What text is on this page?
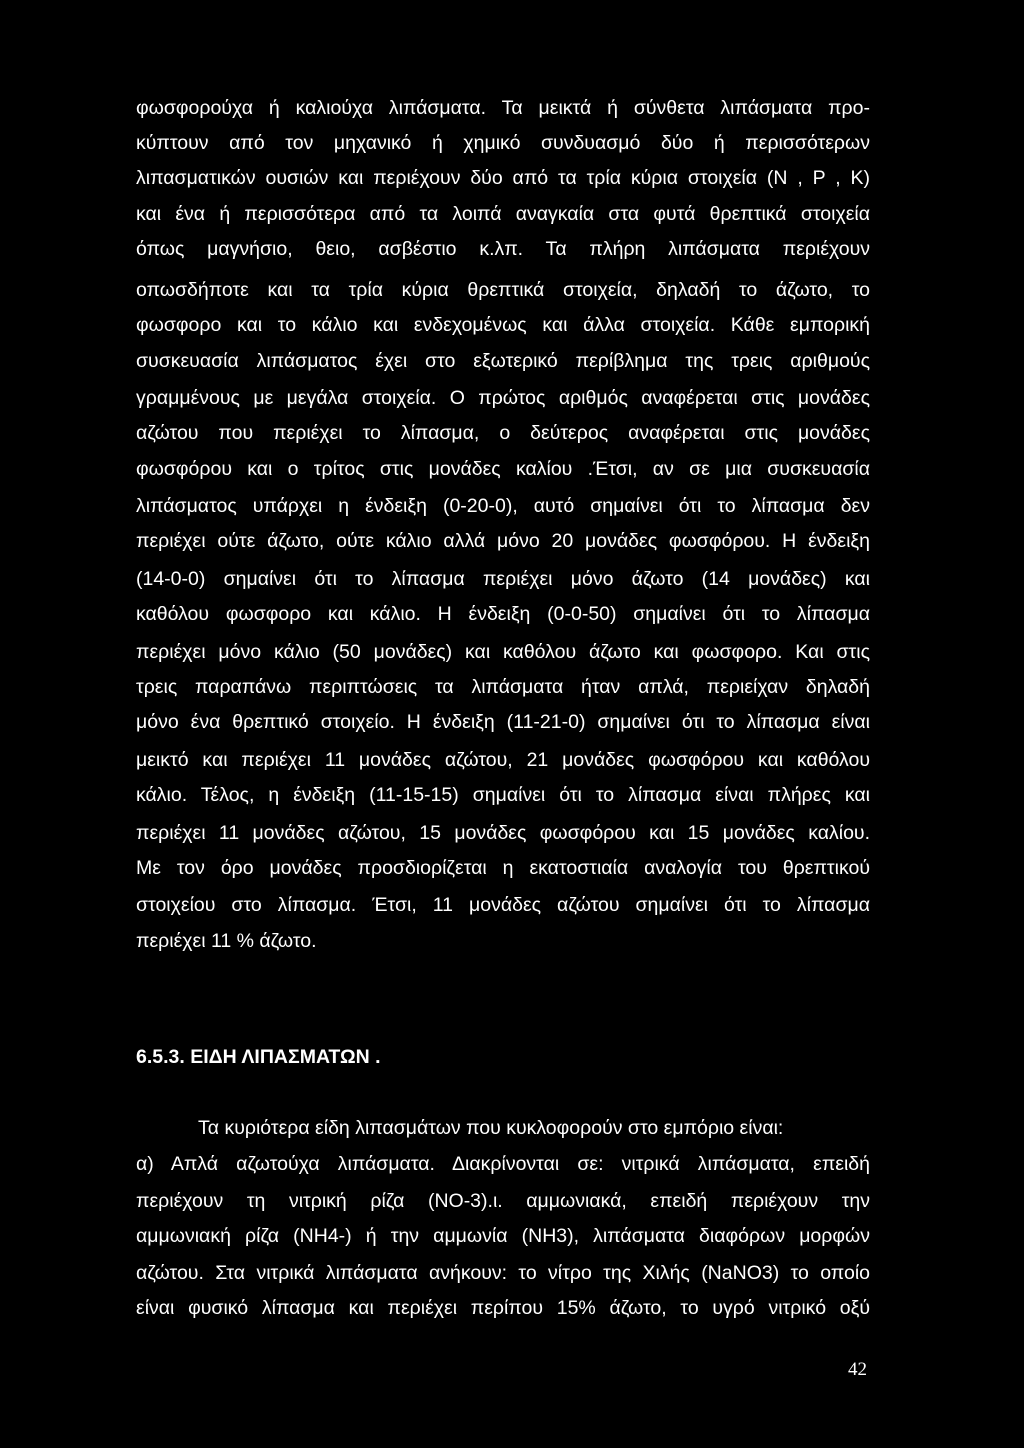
φωσφορούχα ή καλιούχα λιπάσματα. Τα μεικτά ή σύνθετα λιπάσματα προ-
κύπτουν από τον μηχανικό ή χημικό συνδυασμό δύο ή περισσότερων
λιπασματικών ουσιών και περιέχουν δύο από τα τρία κύρια στοιχεία (Ν , Ρ , Κ)
και ένα ή περισσότερα από τα λοιπά αναγκαία στα φυτά θρεπτικά στοιχεία
όπως μαγνήσιο, θειο, ασβέστιο κ.λπ. Τα πλήρη λιπάσματα περιέχουν
οπωσδήποτε και τα τρία κύρια θρεπτικά στοιχεία, δηλαδή το άζωτο, το
φωσφορο και το κάλιο και ενδεχομένως και άλλα στοιχεία. Κάθε εμπορική
συσκευασία λιπάσματος έχει στο εξωτερικό περίβλημα της τρεις αριθμούς
γραμμένους με μεγάλα στοιχεία. Ο πρώτος αριθμός αναφέρεται στις μονάδες
αζώτου που περιέχει το λίπασμα, ο δεύτερος αναφέρεται στις μονάδες
φωσφόρου και ο τρίτος στις μονάδες καλίου .Έτσι, αν σε μια συσκευασία
λιπάσματος υπάρχει η ένδειξη (0-20-0), αυτό σημαίνει ότι το λίπασμα δεν
περιέχει ούτε άζωτο, ούτε κάλιο αλλά μόνο 20 μονάδες φωσφόρου. Η ένδειξη
(14-0-0) σημαίνει ότι το λίπασμα περιέχει μόνο άζωτο (14 μονάδες) και
καθόλου φωσφορο και κάλιο. Η ένδειξη (0-0-50) σημαίνει ότι το λίπασμα
περιέχει μόνο κάλιο (50 μονάδες) και καθόλου άζωτο και φωσφορο. Και στις
τρεις παραπάνω περιπτώσεις τα λιπάσματα ήταν απλά, περιείχαν δηλαδή
μόνο ένα θρεπτικό στοιχείο. Η ένδειξη (11-21-0) σημαίνει ότι το λίπασμα είναι
μεικτό και περιέχει 11 μονάδες αζώτου, 21 μονάδες φωσφόρου και καθόλου
κάλιο. Τέλος, η ένδειξη (11-15-15) σημαίνει ότι το λίπασμα είναι πλήρες και
περιέχει 11 μονάδες αζώτου, 15 μονάδες φωσφόρου και 15 μονάδες καλίου.
Με τον όρο μονάδες προσδιορίζεται η εκατοστιαία αναλογία του θρεπτικού
στοιχείου στο λίπασμα. Έτσι, 11 μονάδες αζώτου σημαίνει ότι το λίπασμα
περιέχει 11 % άζωτο.
6.5.3. ΕΙΔΗ ΛΙΠΑΣΜΑΤΩΝ .
Τα κυριότερα είδη λιπασμάτων που κυκλοφορούν στο εμπόριο είναι:
α) Απλά αζωτούχα λιπάσματα. Διακρίνονται σε: νιτρικά λιπάσματα, επειδή
περιέχουν τη νιτρική ρίζα (ΝΟ-3).ι. αμμωνιακά, επειδή περιέχουν την
αμμωνιακή ρίζα (ΝΗ4-) ή την αμμωνία (ΝΗ3), λιπάσματα διαφόρων μορφών
αζώτου. Στα νιτρικά λιπάσματα ανήκουν: το νίτρο της Χιλής (NaNO3) το οποίο
είναι φυσικό λίπασμα και περιέχει περίπου 15% άζωτο, το υγρό νιτρικό οξύ
42
